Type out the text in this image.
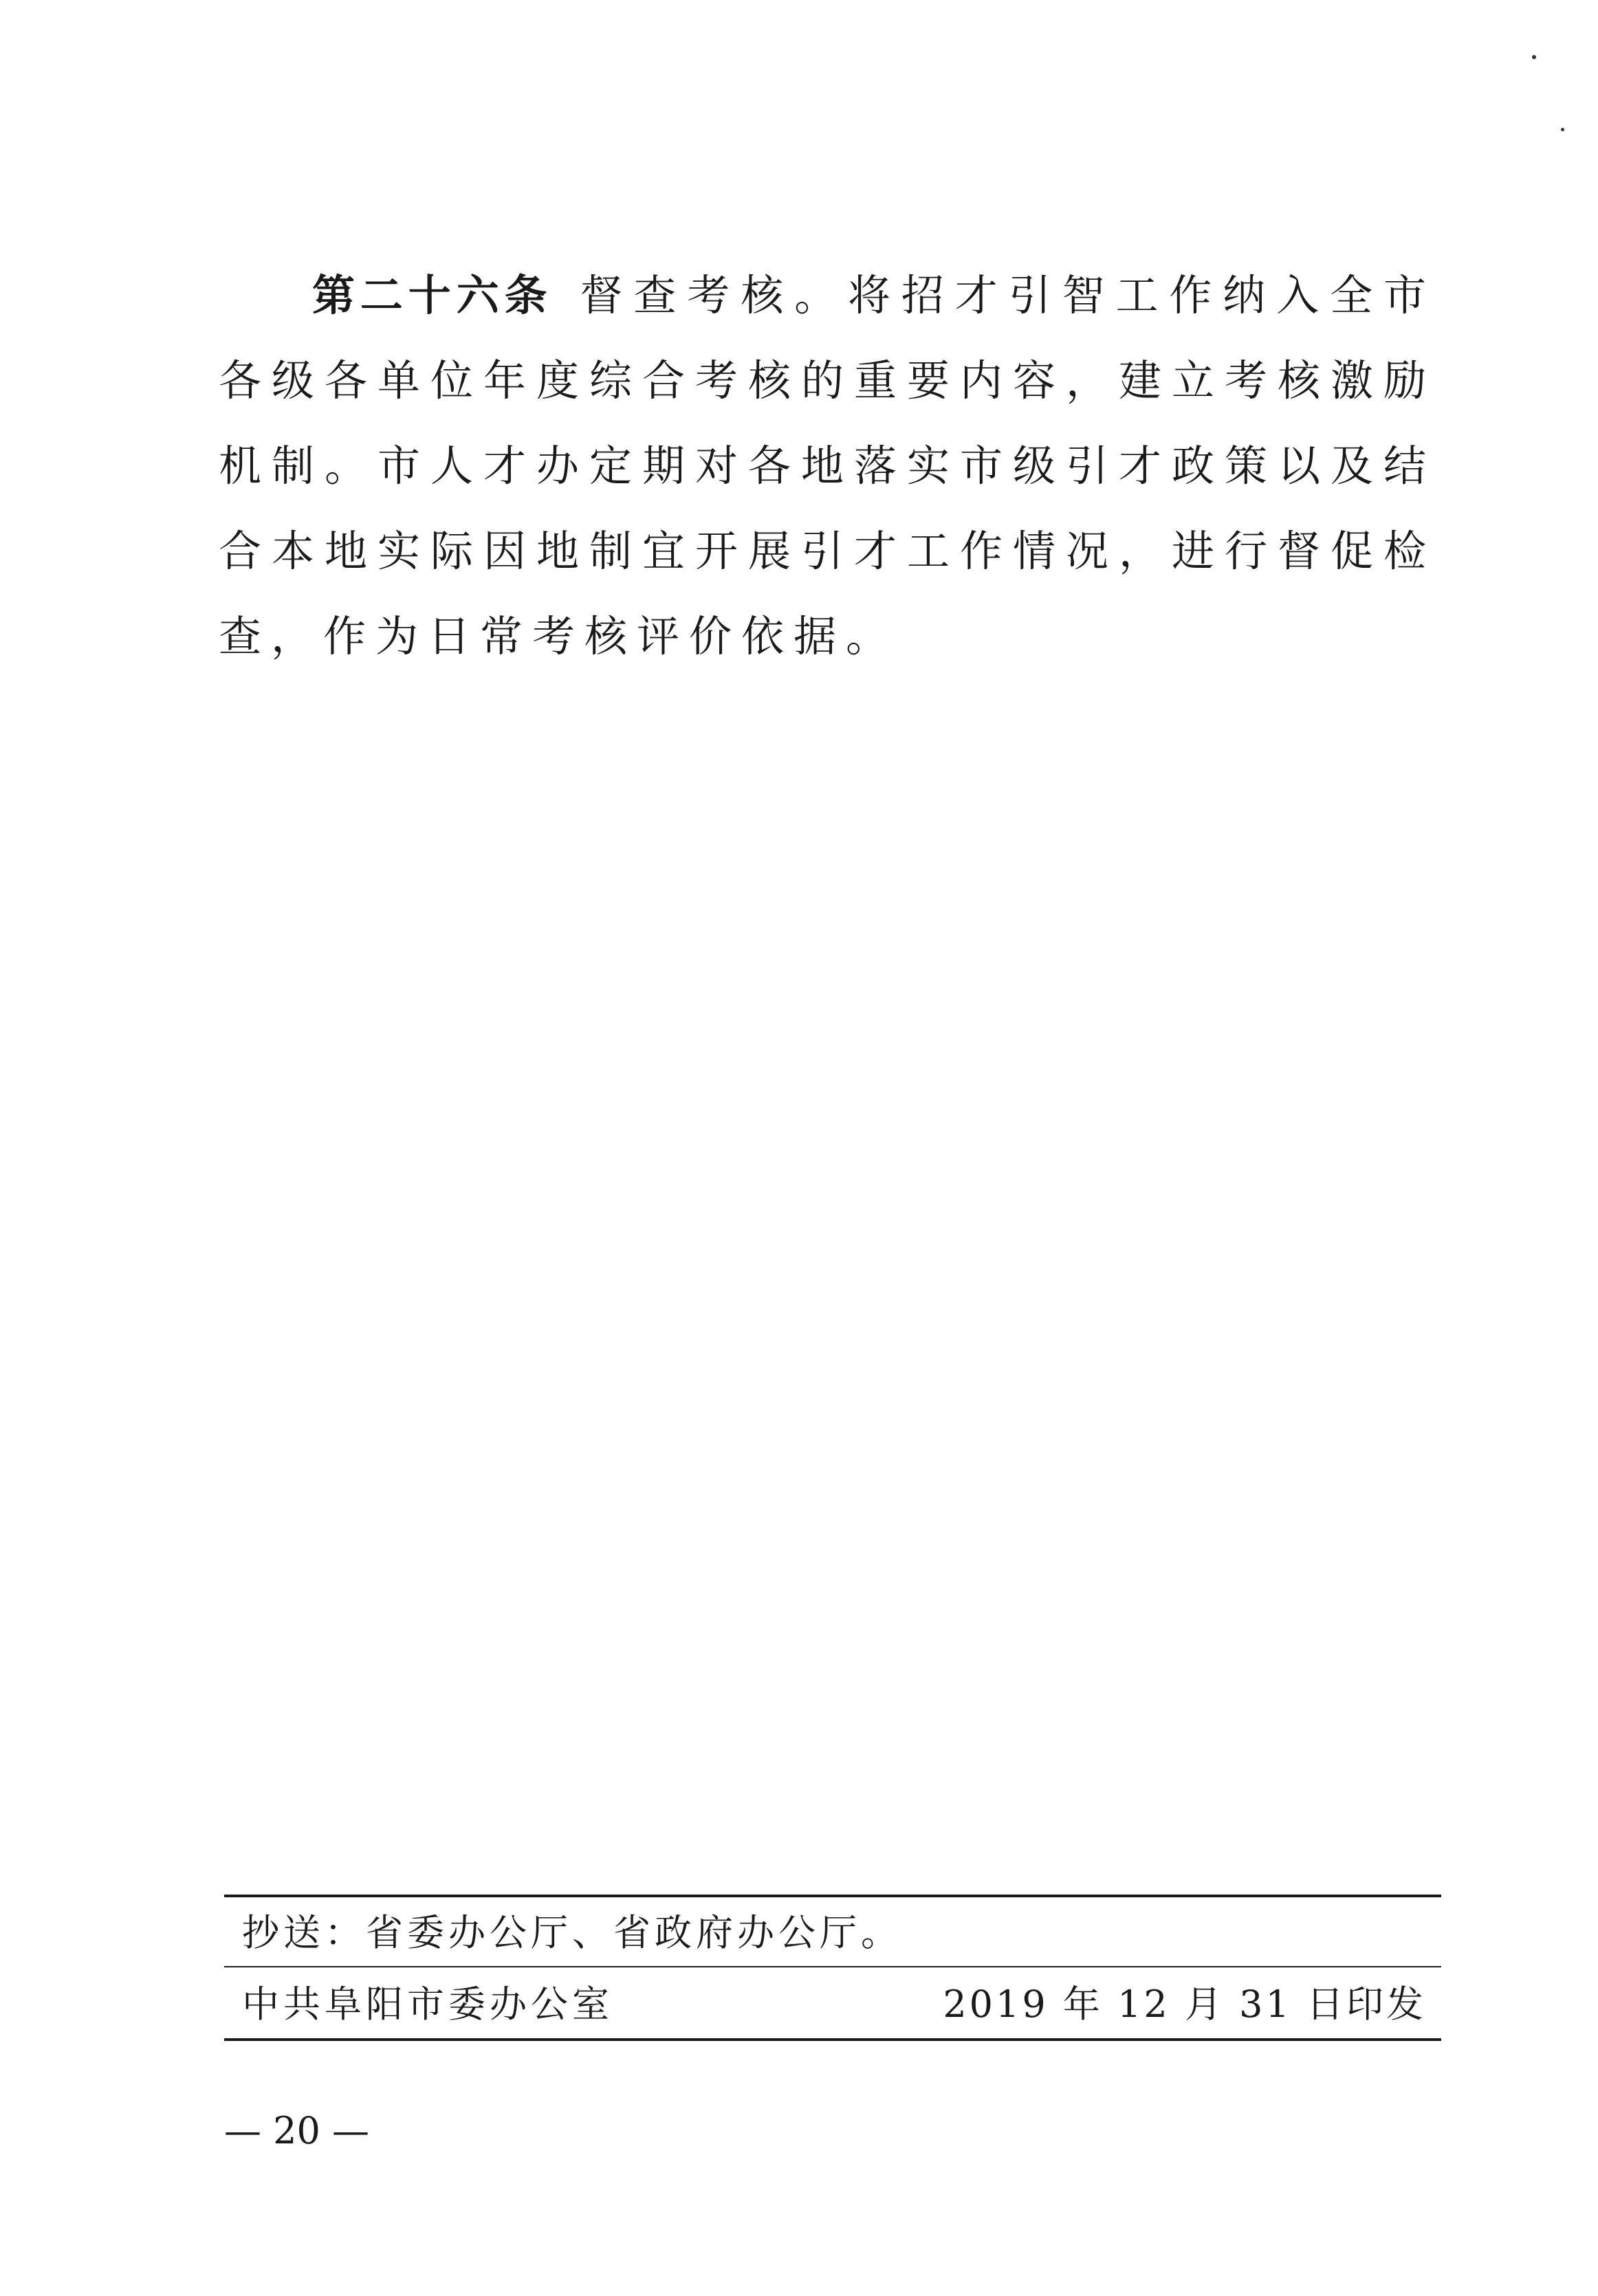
第二十六条 督查考核。将招才引智工作纳入全市各级各单位年度综合考核的重要内容，建立考核激励机制。市人才办定期对各地落实市级引才政策以及结合本地实际因地制宜开展引才工作情况，进行督促检查，作为日常考核评价依据。

抄送：省委办公厅、省政府办公厅。
中共阜阳市委办公室	2019 年 12 月 31 日印发
— 20 —
